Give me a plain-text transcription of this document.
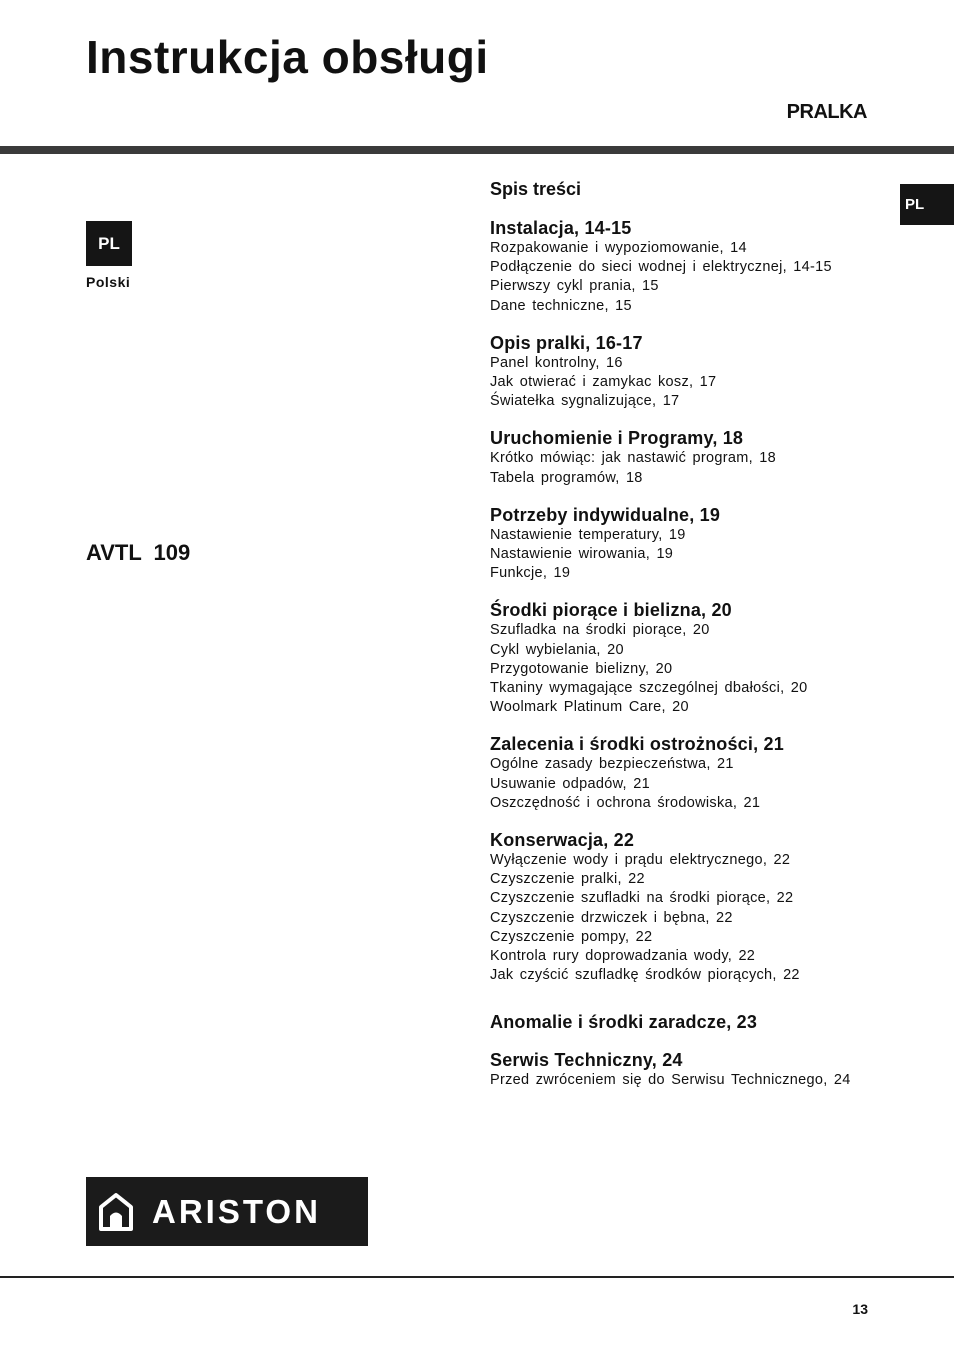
Instrukcja obsługi
PRALKA
PL
Polski
PL
AVTL 109
Spis treści
Instalacja, 14-15
Rozpakowanie i wypoziomowanie, 14
Podłączenie do sieci wodnej i elektrycznej, 14-15
Pierwszy cykl prania, 15
Dane techniczne, 15
Opis pralki, 16-17
Panel kontrolny, 16
Jak otwierać i zamykac kosz, 17
Światełka sygnalizujące, 17
Uruchomienie i Programy, 18
Krótko mówiąc: jak nastawić program, 18
Tabela programów, 18
Potrzeby indywidualne, 19
Nastawienie temperatury, 19
Nastawienie wirowania, 19
Funkcje, 19
Środki piorące i bielizna, 20
Szufladka na środki piorące, 20
Cykl wybielania, 20
Przygotowanie bielizny, 20
Tkaniny wymagające szczególnej dbałości, 20
Woolmark Platinum Care, 20
Zalecenia i środki ostrożności, 21
Ogólne zasady bezpieczeństwa, 21
Usuwanie odpadów, 21
Oszczędność i ochrona środowiska, 21
Konserwacja, 22
Wyłączenie wody i prądu elektrycznego, 22
Czyszczenie pralki, 22
Czyszczenie szufladki na środki piorące, 22
Czyszczenie drzwiczek i bębna, 22
Czyszczenie pompy, 22
Kontrola rury doprowadzania wody, 22
Jak czyścić szufladkę środków piorących, 22
Anomalie i środki zaradcze, 23
Serwis Techniczny, 24
Przed zwróceniem się do Serwisu Technicznego, 24
ARISTON
13
